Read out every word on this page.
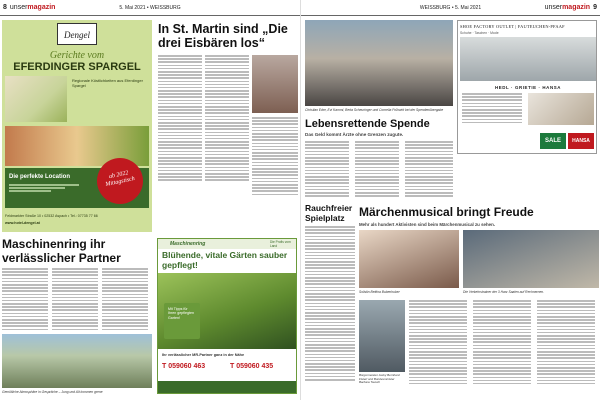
8 unsermagazin	5. Mai 2021 • WEISSBURG
Dengel
Gerichte vom
EFERDINGER SPARGEL
Regionale Köstlichkeiten aus Eferdinger Spargel
Die perfekte Location	ab 2022 Mittagstisch
Feldmarkter Straße 10 • 02532 Aspach • Tel.: 07735 77 66
www.hotel-dengel.at
In St. Martin sind „Die drei Eisbären los“
Maschinenring ihr verlässlicher Partner
Gemütliche Atmosphäre in Gespräche – Jung und Alt kommen gerne
Maschinenring	Die Profis vom Land
Blühende, vitale Gärten sauber gepflegt!
Mit Tipps für Ihren gepflegten Garten!
Ihr verlässlicher MR-Partner ganz in der Nähe
T 059060 463	T 059060 435
WEISSBURG • 5. Mai 2021	unsermagazin 9
Christian Eder, Evi Kamml, Berta Scheuringer und Cornelia Frühwirt bei der Spendenübergabe
SHOE FACTORY OUTLET | FAUTEUCHEN-PFAAF
Schuhe · Taschen · Mode
HEDL · GRIETIE · HANSA
SALE	HANSA
Lebensrettende Spende
Das Geld kommt Ärzte ohne Grenzen zugute.
Rauchfreier Spielplatz	Märchenmusical bringt Freude
Mehr als hundert Aktivisten sind beim Märchenmusical zu sehen.
Solistin Bettina Bubenhuber	Die Verkehrstrainer der 3 Harz Saalen auf Rechnernen.
Bürgermeister Jacky Bernhard Fisterl und Bundesminister Barbara Tausch
